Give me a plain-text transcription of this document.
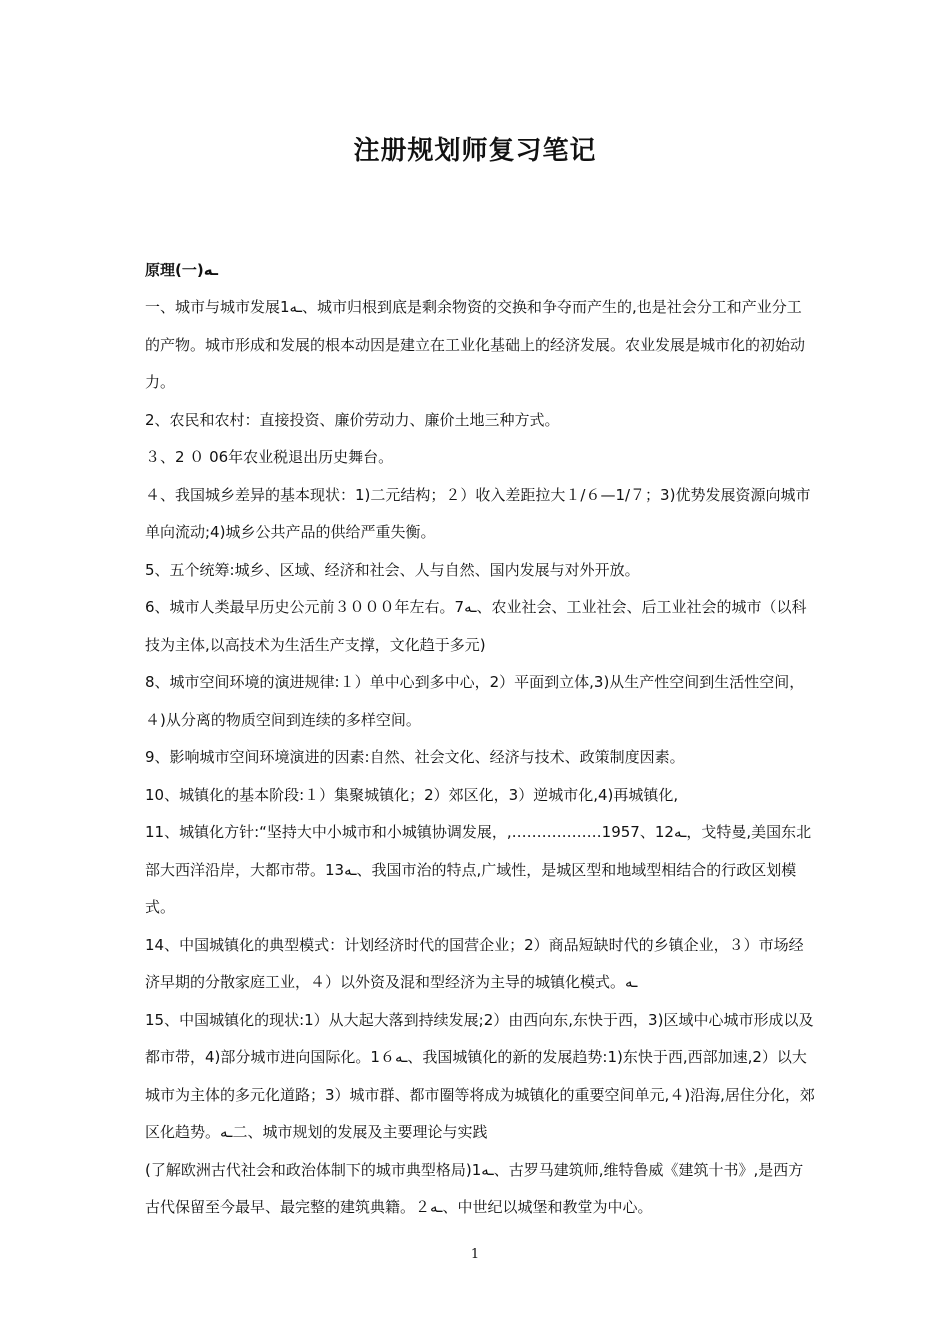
注册规划师复习笔记

原理(一)ـه

一、城市与城市发展1ـه、城市归根到底是剩余物资的交换和争夺而产生的,也是社会分工和产业分工的产物。城市形成和发展的根本动因是建立在工业化基础上的经济发展。农业发展是城市化的初始动力。

2、农民和农村：直接投资、廉价劳动力、廉价土地三种方式。

３、2 ０ 06年农业税退出历史舞台。

４、我国城乡差异的基本现状：1)二元结构；２）收入差距拉大１/６—1/７；3)优势发展资源向城市单向流动;4)城乡公共产品的供给严重失衡。

5、五个统筹:城乡、区域、经济和社会、人与自然、国内发展与对外开放。

6、城市人类最早历史公元前３０００年左右。7ـه、农业社会、工业社会、后工业社会的城市（以科技为主体,以高技术为生活生产支撑，文化趋于多元)

8、城市空间环境的演进规律:１）单中心到多中心，2）平面到立体,3)从生产性空间到生活性空间，４)从分离的物质空间到连续的多样空间。

9、影响城市空间环境演进的因素:自然、社会文化、经济与技术、政策制度因素。

10、城镇化的基本阶段:１）集聚城镇化；2）郊区化，3）逆城市化,4)再城镇化,

11、城镇化方针:“坚持大中小城市和小城镇协调发展，,………………1957、12ـه，戈特曼,美国东北部大西洋沿岸，大都市带。13ـه、我国市治的特点,广域性，是城区型和地域型相结合的行政区划模式。

14、中国城镇化的典型模式：计划经济时代的国营企业；2）商品短缺时代的乡镇企业，３）市场经济早期的分散家庭工业，４）以外资及混和型经济为主导的城镇化模式。ـه

15、中国城镇化的现状:1）从大起大落到持续发展;2）由西向东,东快于西，3)区域中心城市形成以及都市带，4)部分城市进向国际化。1６ـه、我国城镇化的新的发展趋势:1)东快于西,西部加速,2）以大城市为主体的多元化道路；3）城市群、都市圈等将成为城镇化的重要空间单元,４)沿海,居住分化，郊区化趋势。ـه二、城市规划的发展及主要理论与实践

(了解欧洲古代社会和政治体制下的城市典型格局)1ـه、古罗马建筑师,维特鲁威《建筑十书》,是西方古代保留至今最早、最完整的建筑典籍。２ـه、中世纪以城堡和教堂为中心。

1
